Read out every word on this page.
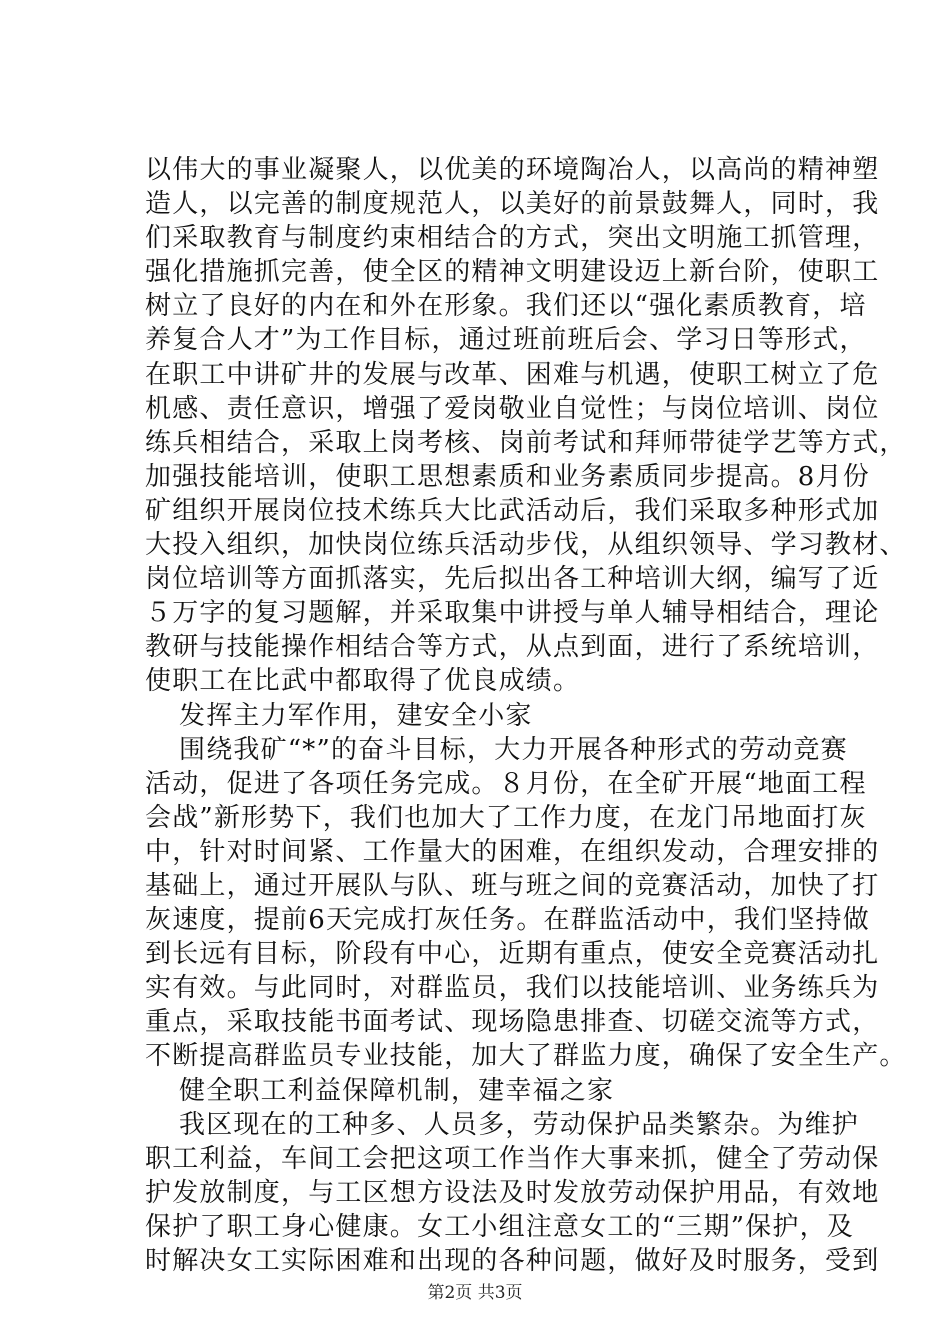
以伟大的事业凝聚人，以优美的环境陶冶人，以高尚的精神塑
造人，以完善的制度规范人，以美好的前景鼓舞人，同时，我
们采取教育与制度约束相结合的方式，突出文明施工抓管理，
强化措施抓完善，使全区的精神文明建设迈上新台阶，使职工
树立了良好的内在和外在形象。我们还以“强化素质教育，培
养复合人才”为工作目标，通过班前班后会、学习日等形式，
在职工中讲矿井的发展与改革、困难与机遇，使职工树立了危
机感、责任意识，增强了爱岗敬业自觉性；与岗位培训、岗位
练兵相结合，采取上岗考核、岗前考试和拜师带徒学艺等方式，
加强技能培训，使职工思想素质和业务素质同步提高。8月份
矿组织开展岗位技术练兵大比武活动后，我们采取多种形式加
大投入组织，加快岗位练兵活动步伐，从组织领导、学习教材、
岗位培训等方面抓落实，先后拟出各工种培训大纲，编写了近
５万字的复习题解，并采取集中讲授与单人辅导相结合，理论
教研与技能操作相结合等方式，从点到面，进行了系统培训，
使职工在比武中都取得了优良成绩。
发挥主力军作用，建安全小家
围绕我矿“*”的奋斗目标，大力开展各种形式的劳动竞赛
活动，促进了各项任务完成。８月份，在全矿开展“地面工程
会战”新形势下，我们也加大了工作力度，在龙门吊地面打灰
中，针对时间紧、工作量大的困难，在组织发动，合理安排的
基础上，通过开展队与队、班与班之间的竞赛活动，加快了打
灰速度，提前6天完成打灰任务。在群监活动中，我们坚持做
到长远有目标，阶段有中心，近期有重点，使安全竞赛活动扎
实有效。与此同时，对群监员，我们以技能培训、业务练兵为
重点，采取技能书面考试、现场隐患排查、切磋交流等方式，
不断提高群监员专业技能，加大了群监力度，确保了安全生产。
健全职工利益保障机制，建幸福之家
我区现在的工种多、人员多，劳动保护品类繁杂。为维护
职工利益，车间工会把这项工作当作大事来抓，健全了劳动保
护发放制度，与工区想方设法及时发放劳动保护用品，有效地
保护了职工身心健康。女工小组注意女工的“三期”保护，及
时解决女工实际困难和出现的各种问题，做好及时服务，受到
第2页 共3页
